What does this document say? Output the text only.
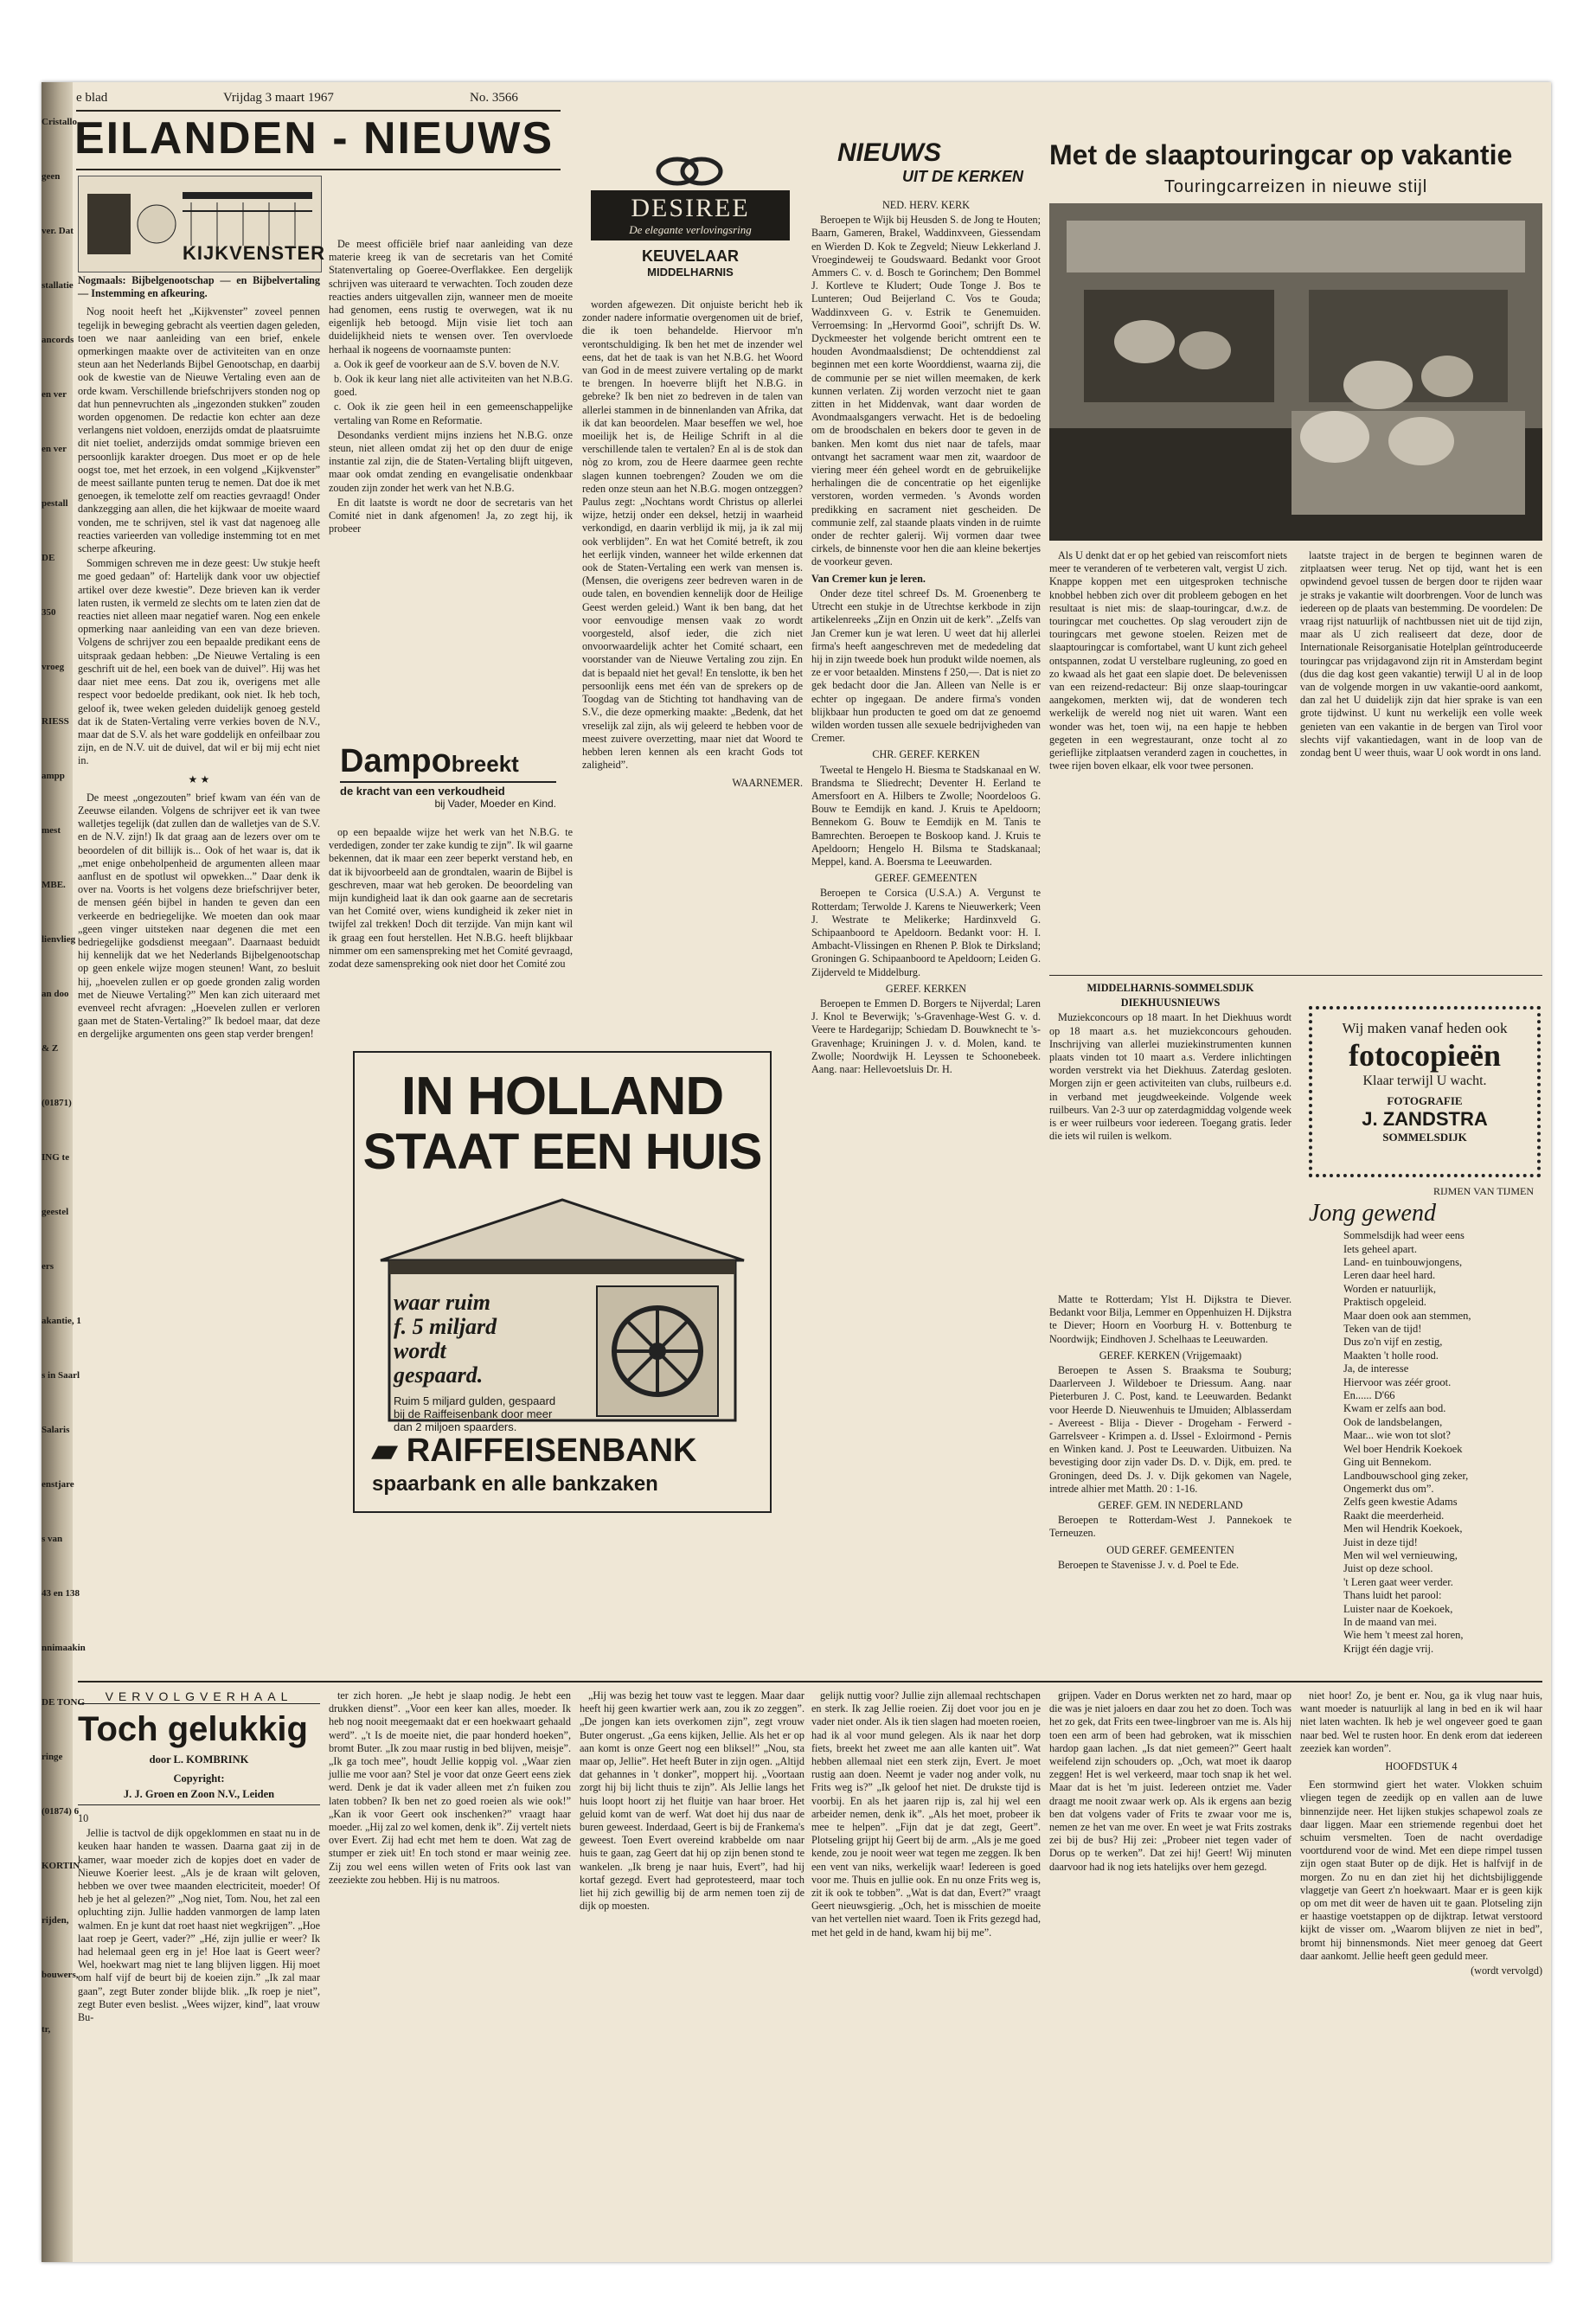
Cristallo
geen
ver. Dat
stallatie
ancords
en ver
en ver
pestall
DE
350
vroeg
RIESS
ampp
mest
MBE.
lienvlieg
an doo
& Z
(01871)
ING te
geestel
ers
akantie, 1
s in Saarl
Salaris
enstjare
s van
43 en 138
nnimaakin
DE TONG
ringe
(01874) 6
KORTIN
rijden,
bouwers,
tr,
e blad	Vrijdag 3 maart 1967	No. 3566
EILANDEN - NIEUWS
KIJKVENSTER

Nogmaals: Bijbelgenootschap — en Bijbelvertaling — Instemming en afkeuring.

Nog nooit heeft het „Kijkvenster” zoveel pennen tegelijk in beweging gebracht als veertien dagen geleden, toen we naar aanleiding van een brief, enkele opmerkingen maakte over de activiteiten van en onze steun aan het Nederlands Bijbel Genootschap, en daarbij ook de kwestie van de Nieuwe Vertaling even aan de orde kwam. Verschillende briefschrijvers stonden nog op dat hun pennevruchten als „ingezonden stukken” zouden worden opgenomen. De redactie kon echter aan deze verlangens niet voldoen, enerzijds omdat de plaatsruimte dit niet toeliet, anderzijds omdat sommige brieven een persoonlijk karakter droegen. Dus moet er op de hele oogst toe, met het erzoek, in een volgend „Kijkvenster” de meest saillante punten terug te nemen. Dat doe ik met genoegen, ik temelotte zelf om reacties gevraagd! Onder dankzegging aan allen, die het kijkwaar de moeite waard vonden, me te schrijven, stel ik vast dat nagenoeg alle reacties varieerden van volledige instemming tot en met scherpe afkeuring.

Sommigen schreven me in deze geest: Uw stukje heeft me goed gedaan” of: Hartelijk dank voor uw objectief artikel over deze kwestie”. Deze brieven kan ik verder laten rusten, ik vermeld ze slechts om te laten zien dat de reacties niet alleen maar negatief waren. Nog een enkele opmerking naar aanleiding van een van deze brieven. Volgens de schrijver zou een bepaalde predikant eens de uitspraak gedaan hebben: „De Nieuwe Vertaling is een geschrift uit de hel, een boek van de duivel”. Hij was het daar niet mee eens. Dat zou ik, overigens met alle respect voor bedoelde predikant, ook niet. Ik heb toch, geloof ik, twee weken geleden duidelijk genoeg gesteld dat ik de Staten-Vertaling verre verkies boven de N.V., maar dat de S.V. als het ware goddelijk en onfeilbaar zou zijn, en de N.V. uit de duivel, dat wil er bij mij echt niet in.

★ ★

De meest „ongezouten” brief kwam van één van de Zeeuwse eilanden. Volgens de schrijver eet ik van twee walletjes tegelijk (dat zullen dan de walletjes van de S.V. en de N.V. zijn!) Ik dat graag aan de lezers over om te beoordelen of dit billijk is... Ook of het waar is, dat ik „met enige onbeholpenheid de argumenten alleen maar aanflust en de spotlust wil opwekken...” Daar denk ik over na. Voorts is het volgens deze briefschrijver beter, de mensen géén bijbel in handen te geven dan een verkeerde en bedriegelijke. We moeten dan ook maar „geen vinger uitsteken naar degenen die met een bedriegelijke godsdienst meegaan”. Daarnaast beduidt hij kennelijk dat we het Nederlands Bijbelgenootschap op geen enkele wijze mogen steunen! Want, zo besluit hij, „hoevelen zullen er op goede gronden zalig worden met de Nieuwe Vertaling?” Men kan zich uiteraard met evenveel recht afvragen: „Hoevelen zullen er verloren gaan met de Staten-Vertaling?” Ik bedoel maar, dat deze en dergelijke argumenten ons geen stap verder brengen!

De meest officiële brief naar aanleiding van deze materie kreeg ik van de secretaris van het Comité Statenvertaling op Goeree-Overflakkee. Een dergelijk schrijven was uiteraard te verwachten. Toch zouden deze reacties anders uitgevallen zijn, wanneer men de moeite had genomen, eens rustig te overwegen, wat ik nu eigenlijk heb betoogd. Mijn visie liet toch aan duidelijkheid niets te wensen over. Ten overvloede herhaal ik nogeens de voornaamste punten:

a. Ook ik geef de voorkeur aan de S.V. boven de N.V.

b. Ook ik keur lang niet alle activiteiten van het N.B.G. goed.

c. Ook ik zie geen heil in een gemeenschappelijke vertaling van Rome en Reformatie.

Desondanks verdient mijns inziens het N.B.G. onze steun, niet alleen omdat zij het op den duur de enige instantie zal zijn, die de Staten-Vertaling blijft uitgeven, maar ook omdat zending en evangelisatie ondenkbaar zouden zijn zonder het werk van het N.B.G.

En dit laatste is wordt ne door de secretaris van het Comité niet in dank afgenomen! Ja, zo zegt hij, ik probeer

Dampobreekt
de kracht van een verkoudheid
bij Vader, Moeder en Kind.

op een bepaalde wijze het werk van het N.B.G. te verdedigen, zonder ter zake kundig te zijn”. Ik wil gaarne bekennen, dat ik maar een zeer beperkt verstand heb, en dat ik bijvoorbeeld aan de grondtalen, waarin de Bijbel is geschreven, maar wat heb geroken. De beoordeling van mijn kundigheid laat ik dan ook gaarne aan de secretaris van het Comité over, wiens kundigheid ik zeker niet in twijfel zal trekken! Doch dit terzijde. Van mijn kant wil ik graag een fout herstellen. Het N.B.G. heeft blijkbaar nimmer om een samenspreking met het Comité gevraagd, zodat deze samenspreking ook niet door het Comité zou

DESIREE
De elegante verlovingsring
KEUVELAAR
MIDDELHARNIS

worden afgewezen. Dit onjuiste bericht heb ik zonder nadere informatie overgenomen uit de brief, die ik toen behandelde. Hiervoor m'n verontschuldiging. Ik ben het met de inzender wel eens, dat het de taak is van het N.B.G. het Woord van God in de meest zuivere vertaling op de markt te brengen. In hoeverre blijft het N.B.G. in gebreke? Ik ben niet zo bedreven in de talen van allerlei stammen in de binnenlanden van Afrika, dat ik dat kan beoordelen. Maar beseffen we wel, hoe moeilijk het is, de Heilige Schrift in al die verschillende talen te vertalen? En al is de stok dan nòg zo krom, zou de Heere daarmee geen rechte slagen kunnen toebrengen? Zouden we om die reden onze steun aan het N.B.G. mogen ontzeggen? Paulus zegt: „Nochtans wordt Christus op allerlei wijze, hetzij onder een deksel, hetzij in waarheid verkondigd, en daarin verblijd ik mij, ja ik zal mij ook verblijden”. En wat het Comité betreft, ik zou het eerlijk vinden, wanneer het wilde erkennen dat ook de Staten-Vertaling een werk van mensen is. (Mensen, die overigens zeer bedreven waren in de oude talen, en bovendien kennelijk door de Heilige Geest werden geleid.) Want ik ben bang, dat het voor eenvoudige mensen vaak zo wordt voorgesteld, alsof ieder, die zich niet onvoorwaardelijk achter het Comité schaart, een voorstander van de Nieuwe Vertaling zou zijn. En dat is bepaald niet het geval! En tenslotte, ik ben het persoonlijk eens met één van de sprekers op de Toogdag van de Stichting tot handhaving van de S.V., die deze opmerking maakte: „Bedenk, dat het vreselijk zal zijn, als wij geleerd te hebben voor de meest zuivere overzetting, maar niet dat Woord te hebben leren kennen als een kracht Gods tot zaligheid”.

WAARNEMER.

IN HOLLAND
STAAT EEN HUIS
waar ruim
f. 5 miljard
wordt
gespaard.
Ruim 5 miljard gulden, gespaard bij de Raiffeisenbank door meer dan 2 miljoen spaarders.
▰ RAIFFEISENBANK
spaarbank en alle bankzaken
NIEUWS
UIT DE KERKEN

NED. HERV. KERK

Beroepen te Wijk bij Heusden S. de Jong te Houten; Baarn, Gameren, Brakel, Waddinxveen, Giessendam en Wierden D. Kok te Zegveld; Nieuw Lekkerland J. Vroegindeweij te Goudswaard. Bedankt voor Groot Ammers C. v. d. Bosch te Gorinchem; Den Bommel J. Kortleve te Kludert; Oude Tonge J. Bos te Lunteren; Oud Beijerland C. Vos te Gouda; Waddinxveen G. v. Estrik te Genemuiden. Verroemsing: In „Hervormd Gooi”, schrijft Ds. W. Dyckmeester het volgende bericht omtrent een te houden Avondmaalsdienst; De ochtenddienst zal beginnen met een korte Woorddienst, waarna zij, die de communie per se niet willen meemaken, de kerk kunnen verlaten. Zij worden verzocht niet te gaan zitten in het Middenvak, want daar worden de Avondmaalsgangers verwacht. Het is de bedoeling om de broodschalen en bekers door te geven in de banken. Men komt dus niet naar de tafels, maar ontvangt het sacrament waar men zit, waardoor de viering meer één geheel wordt en de gebruikelijke herhalingen die de concentratie op het eigenlijke verstoren, worden vermeden. 's Avonds worden predikking en sacrament niet gescheiden. De communie zelf, zal staande plaats vinden in de ruimte onder de rechter galerij. Wij vormen daar twee cirkels, de binnenste voor hen die aan kleine bekertjes de voorkeur geven.

Van Cremer kun je leren.

Onder deze titel schreef Ds. M. Groenenberg te Utrecht een stukje in de Utrechtse kerkbode in zijn artikelenreeks „Zijn en Onzin uit de kerk”. „Zelfs van Jan Cremer kun je wat leren. U weet dat hij allerlei firma's heeft aangeschreven met de mededeling dat hij in zijn tweede boek hun produkt wilde noemen, als ze er voor betaalden. Minstens f 250,—. Dat is niet zo gek bedacht door die Jan. Alleen van Nelle is er echter op ingegaan. De andere firma's vonden blijkbaar hun producten te goed om dat ze genoemd wilden worden tussen alle sexuele bedrijvigheden van Cremer.

CHR. GEREF. KERKEN

Tweetal te Hengelo H. Biesma te Stadskanaal en W. Brandsma te Sliedrecht; Deventer H. Eerland te Amersfoort en A. Hilbers te Zwolle; Noordeloos G. Bouw te Eemdijk en kand. J. Kruis te Apeldoorn; Bennekom G. Bouw te Eemdijk en M. Tanis te Bamrechten. Beroepen te Boskoop kand. J. Kruis te Apeldoorn; Hengelo H. Bilsma te Stadskanaal; Meppel, kand. A. Boersma te Leeuwarden.

GEREF. GEMEENTEN

Beroepen te Corsica (U.S.A.) A. Vergunst te Rotterdam; Terwolde J. Karens te Nieuwerkerk; Veen J. Westrate te Melikerke; Hardinxveld G. Schipaanboord te Apeldoorn. Bedankt voor: H. I. Ambacht-Vlissingen en Rhenen P. Blok te Dirksland; Groningen G. Schipaanboord te Apeldoorn; Leiden G. Zijderveld te Middelburg.

GEREF. KERKEN

Beroepen te Emmen D. Borgers te Nijverdal; Laren J. Knol te Beverwijk; 's-Gravenhage-West G. v. d. Veere te Hardegarijp; Schiedam D. Bouwknecht te 's-Gravenhage; Kruiningen J. v. d. Molen, kand. te Zwolle; Noordwijk H. Leyssen te Schoonebeek. Aang. naar: Hellevoetsluis Dr. H.

Met de slaaptouringcar op vakantie
Touringcarreizen in nieuwe stijl

Als U denkt dat er op het gebied van reiscomfort niets meer te veranderen of te verbeteren valt, vergist U zich. Knappe koppen met een uitgesproken technische knobbel hebben zich over dit probleem gebogen en het resultaat is niet mis: de slaap-touringcar, d.w.z. de touringcar met couchettes. Op slag veroudert zijn de touringcars met gewone stoelen. Reizen met de slaaptouringcar is comfortabel, want U kunt zich geheel ontspannen, zodat U verstelbare rugleuning, zo goed en zo kwaad als het gaat een slapie doet. De belevenissen van een reizend-redacteur: Bij onze slaap-touringcar aangekomen, merkten wij, dat de wonderen tech werkelijk de wereld nog niet uit waren. Want een wonder was het, toen wij, na een hapje te hebben gegeten in een wegrestaurant, onze tocht al zo gerieflijke zitplaatsen veranderd zagen in couchettes, in twee rijen boven elkaar, elk voor twee personen.

laatste traject in de bergen te beginnen waren de zitplaatsen weer terug. Net op tijd, want het is een opwindend gevoel tussen de bergen door te rijden waar je straks je vakantie wilt doorbrengen. Voor de lunch was iedereen op de plaats van bestemming. De voordelen: De vraag rijst natuurlijk of nachtbussen niet uit de tijd zijn, maar als U zich realiseert dat deze, door de Internationale Reisorganisatie Hotelplan geïntroduceerde touringcar pas vrijdagavond zijn rit in Amsterdam begint (dus die dag kost geen vakantie) terwijl U al in de loop van de volgende morgen in uw vakantie-oord aankomt, dan zal het U duidelijk zijn dat hier sprake is van een grote tijdwinst. U kunt nu werkelijk een volle week genieten van een vakantie in de bergen van Tirol voor slechts vijf vakantiedagen, want in de loop van de zondag bent U weer thuis, waar U ook wordt in ons land.

MIDDELHARNIS-SOMMELSDIJK

DIEKHUUSNIEUWS

Muziekconcours op 18 maart. In het Diekhuus wordt op 18 maart a.s. het muziekconcours gehouden. Inschrijving van allerlei muziekinstrumenten kunnen plaats vinden tot 10 maart a.s. Verdere inlichtingen worden verstrekt via het Diekhuus. Zaterdag gesloten. Morgen zijn er geen activiteiten van clubs, ruilbeurs e.d. in verband met jeugdweekeinde. Volgende week ruilbeurs. Van 2-3 uur op zaterdagmiddag volgende week is er weer ruilbeurs voor iedereen. Toegang gratis. Ieder die iets wil ruilen is welkom.

Matte te Rotterdam; Ylst H. Dijkstra te Diever. Bedankt voor Bilja, Lemmer en Oppenhuizen H. Dijkstra te Diever; Hoorn en Voorburg H. v. Bottenburg te Noordwijk; Eindhoven J. Schelhaas te Leeuwarden.

GEREF. KERKEN (Vrijgemaakt)

Beroepen te Assen S. Braaksma te Souburg; Daarlerveen J. Wildeboer te Driessum. Aang. naar Pieterburen J. C. Post, kand. te Leeuwarden. Bedankt voor Heerde D. Nieuwenhuis te IJmuiden; Alblasserdam - Avereest - Blija - Diever - Drogeham - Ferwerd - Garrelsveer - Krimpen a. d. IJssel - Exloirmond - Pernis en Winken kand. J. Post te Leeuwarden. Uitbuizen. Na bevestiging door zijn vader Ds. D. v. Dijk, em. pred. te Groningen, deed Ds. J. v. Dijk gekomen van Nagele, intrede alhier met Matth. 20 : 1-16.

GEREF. GEM. IN NEDERLAND

Beroepen te Rotterdam-West J. Pannekoek te Terneuzen.

OUD GEREF. GEMEENTEN

Beroepen te Stavenisse J. v. d. Poel te Ede.

Wij maken vanaf heden ook
fotocopieën
Klaar terwijl U wacht.
FOTOGRAFIE
J. ZANDSTRA
SOMMELSDIJK
RIJMEN VAN TIJMEN
Jong gewend
Sommelsdijk had weer eens
Iets geheel apart.
Land- en tuinbouwjongens,
Leren daar heel hard.
Worden er natuurlijk,
Praktisch opgeleid.
Maar doen ook aan stemmen,
Teken van de tijd!
Dus zo'n vijf en zestig,
Maakten 't holle rood.
Ja, de interesse
Hiervoor was zéér groot.
En...... D'66
Kwam er zelfs aan bod.
Ook de landsbelangen,
Maar... wie won tot slot?
Wel boer Hendrik Koekoek
Ging uit Bennekom.
Landbouwschool ging zeker,
Ongemerkt dus om”.
Zelfs geen kwestie Adams
Raakt die meerderheid.
Men wil Hendrik Koekoek,
Juist in deze tijd!
Men wil wel vernieuwing,
Juist op deze school.
't Leren gaat weer verder.
Thans luidt het parool:
Luister naar de Koekoek,
In de maand van mei.
Wie hem 't meest zal horen,
Krijgt één dagje vrij.
VERVOLGVERHAAL
Toch gelukkig
door L. KOMBRINK
Copyright:
J. J. Groen en Zoon N.V., Leiden

10

Jellie is tactvol de dijk opgeklommen en staat nu in de keuken haar handen te wassen. Daarna gaat zij in de kamer, waar moeder zich de kopjes doet en vader de Nieuwe Koerier leest. „Als je de kraan wilt geloven, hebben we over twee maanden electriciteit, moeder! Of heb je het al gelezen?” „Nog niet, Tom. Nou, het zal een opluchting zijn. Jullie hadden vanmorgen de lamp laten walmen. En je kunt dat roet haast niet wegkrijgen”. „Hoe laat roep je Geert, vader?” „Hé, zijn jullie er weer? Ik had helemaal geen erg in je! Hoe laat is Geert weer? Wel, hoekwart mag niet te lang blijven liggen. Hij moet om half vijf de beurt bij de koeien zijn.” „Ik zal maar gaan”, zegt Buter zonder blijde blik. „Ik roep je niet”, zegt Buter even beslist. „Wees wijzer, kind”, laat vrouw Bu-

ter zich horen. „Je hebt je slaap nodig. Je hebt een drukken dienst”. „Voor een keer kan alles, moeder. Ik heb nog nooit meegemaakt dat er een hoekwaart gehaald werd”. „'t Is de moeite niet, die paar honderd hoeken”, bromt Buter. „Ik zou maar rustig in bed blijven, meisje”. „Ik ga toch mee”, houdt Jellie koppig vol. „Waar zien jullie me voor aan? Stel je voor dat onze Geert eens ziek werd. Denk je dat ik vader alleen met z'n fuiken zou laten tobben? Ik ben net zo goed roeien als wie ook!” „Kan ik voor Geert ook inschenken?” vraagt haar moeder. „Hij zal zo wel komen, denk ik”. Zij vertelt niets over Evert. Zij had echt met hem te doen. Wat zag de stumper er ziek uit! En toch stond er maar weinig zee. Zij zou wel eens willen weten of Frits ook last van zeeziekte zou hebben. Hij is nu matroos.

„Hij was bezig het touw vast te leggen. Maar daar heeft hij geen kwartier werk aan, zou ik zo zeggen”. „De jongen kan iets overkomen zijn”, zegt vrouw Buter ongerust. „Ga eens kijken, Jellie. Als het er op aan komt is onze Geert nog een bliksel!” „Nou, sta maar op, Jellie”. Het heeft Buter in zijn ogen. „Altijd dat gehannes in 't donker”, moppert hij. „Voortaan zorgt hij bij licht thuis te zijn”. Als Jellie langs het huis loopt hoort zij het fluitje van haar broer. Het geluid komt van de werf. Wat doet hij dus naar de buren geweest. Inderdaad, Geert is bij de Frankema's geweest. Toen Evert overeind krabbelde om naar huis te gaan, zag Geert dat hij op zijn benen stond te wankelen. „Ik breng je naar huis, Evert”, had hij kortaf gezegd. Evert had geprotesteerd, maar toch liet hij zich gewillig bij de arm nemen toen zij de dijk op moesten.

gelijk nuttig voor? Jullie zijn allemaal rechtschapen en sterk. Ik zag Jellie roeien. Zij doet voor jou en je vader niet onder. Als ik tien slagen had moeten roeien, had ik al voor mund gelegen. Als ik naar het dorp fiets, breekt het zweet me aan alle kanten uit”. Wat hebben allemaal niet een sterk zijn, Evert. Je moet rustig aan doen. Neemt je vader nog ander volk, nu Frits weg is?” „Ik geloof het niet. De drukste tijd is voorbij. En als het jaaren rijp is, zal hij wel een arbeider nemen, denk ik”. „Als het moet, probeer ik mee te helpen”. „Fijn dat je dat zegt, Geert”. Plotseling grijpt hij Geert bij de arm. „Als je me goed kende, zou je nooit weer wat tegen me zeggen. Ik ben een vent van niks, werkelijk waar! Iedereen is goed voor me. Thuis en jullie ook. En nu onze Frits weg is, zit ik ook te tobben”. „Wat is dat dan, Evert?” vraagt Geert nieuwsgierig. „Och, het is misschien de moeite van het vertellen niet waard. Toen ik Frits gezegd had, met het geld in de hand, kwam hij bij me”.

grijpen. Vader en Dorus werkten net zo hard, maar op die was je niet jaloers en daar zou het zo doen. Toch was het zo gek, dat Frits een twee-lingbroer van me is. Als hij toen een arm of been had gebroken, wat ik misschien hardop gaan lachen. „Is dat niet gemeen?” Geert haalt weifelend zijn schouders op. „Och, wat moet ik daarop zeggen! Het is wel verkeerd, maar toch snap ik het wel. Maar dat is het 'm juist. Iedereen ontziet me. Vader draagt me nooit zwaar werk op. Als ik ergens aan bezig ben dat volgens vader of Frits te zwaar voor me is, nemen ze het van me over. En weet je wat Frits zostraks zei bij de bus? Hij zei: „Probeer niet tegen vader of Dorus op te werken”. Dat zei hij! Geert! Wij minuten daarvoor had ik nog iets hatelijks over hem gezegd.

niet hoor! Zo, je bent er. Nou, ga ik vlug naar huis, want moeder is natuurlijk al lang in bed en ik wil haar niet laten wachten. Ik heb je wel ongeveer goed te gaan naar bed. Wel te rusten hoor. En denk erom dat iedereen zeeziek kan worden”.

HOOFDSTUK 4

Een stormwind giert het water. Vlokken schuim vliegen tegen de zeedijk op en vallen aan de luwe binnenzijde neer. Het lijken stukjes schapewol zoals ze daar liggen. Maar een striemende regenbui doet het schuim versmelten. Toen de nacht overdadige voortdurend voor de wind. Met een diepe rimpel tussen zijn ogen staat Buter op de dijk. Het is halfvijf in de morgen. Zo nu en dan ziet hij het dichtsbijliggende vlaggetje van Geert z'n hoekwaart. Maar er is geen kijk op om met dit weer de haven uit te gaan. Plotseling zijn er haastige voetstappen op de dijktrap. Ietwat verstoord kijkt de visser om. „Waarom blijven ze niet in bed”, bromt hij binnensmonds. Niet meer genoeg dat Geert daar aankomt. Jellie heeft geen geduld meer.

(wordt vervolgd)
